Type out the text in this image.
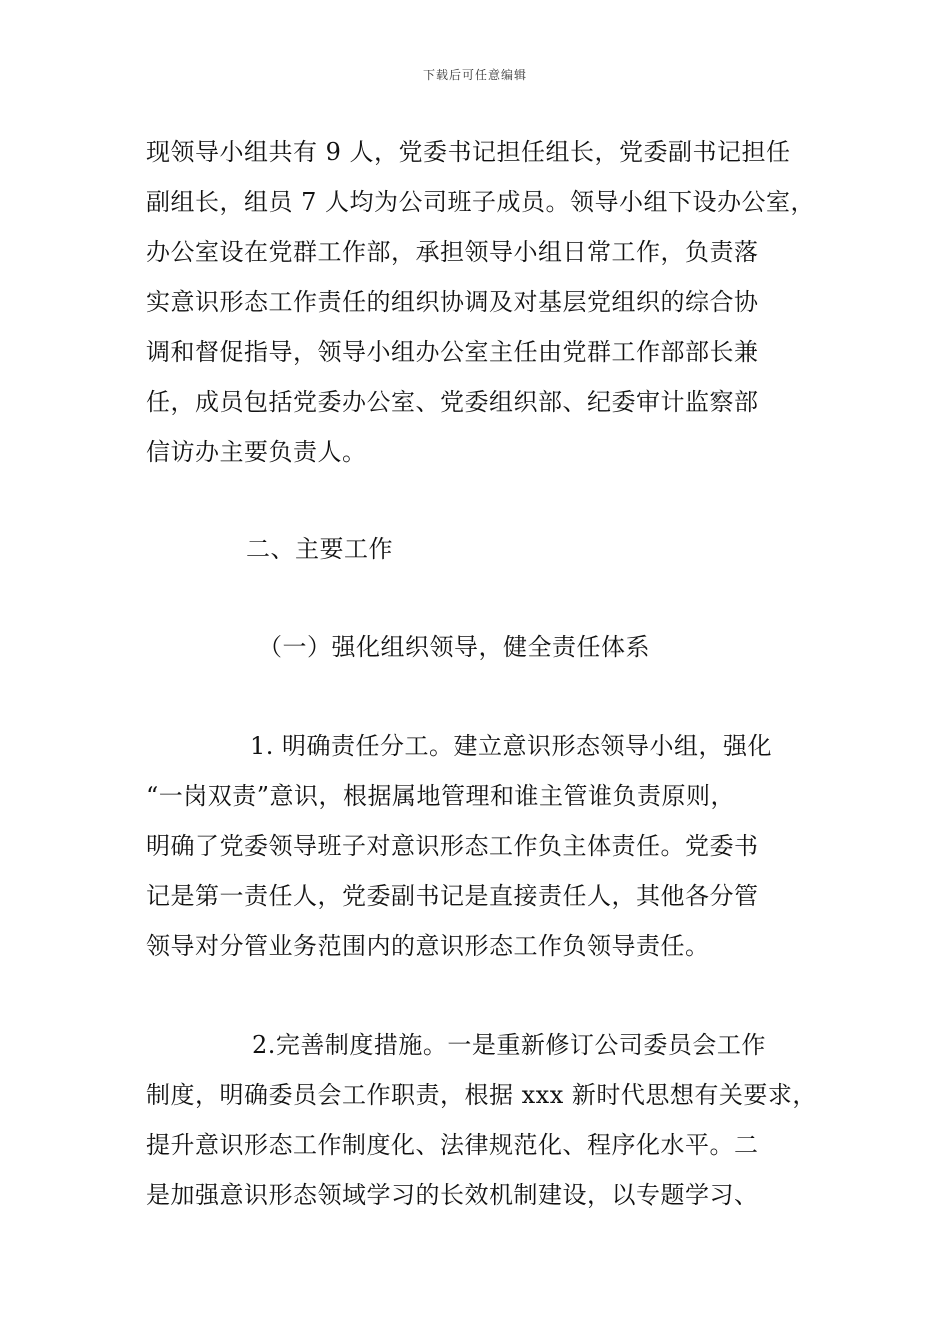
下载后可任意编辑
现领导小组共有 9 人，党委书记担任组长，党委副书记担任
副组长，组员 7 人均为公司班子成员。领导小组下设办公室，
办公室设在党群工作部，承担领导小组日常工作，负责落
实意识形态工作责任的组织协调及对基层党组织的综合协
调和督促指导，领导小组办公室主任由党群工作部部长兼
任，成员包括党委办公室、党委组织部、纪委审计监察部
信访办主要负责人。
二、主要工作
（一）强化组织领导，健全责任体系
1. 明确责任分工。建立意识形态领导小组，强化
“一岗双责”意识，根据属地管理和谁主管谁负责原则，
明确了党委领导班子对意识形态工作负主体责任。党委书
记是第一责任人，党委副书记是直接责任人，其他各分管
领导对分管业务范围内的意识形态工作负领导责任。
2.完善制度措施。一是重新修订公司委员会工作
制度，明确委员会工作职责，根据 xxx 新时代思想有关要求，
提升意识形态工作制度化、法律规范化、程序化水平。二
是加强意识形态领域学习的长效机制建设，以专题学习、
